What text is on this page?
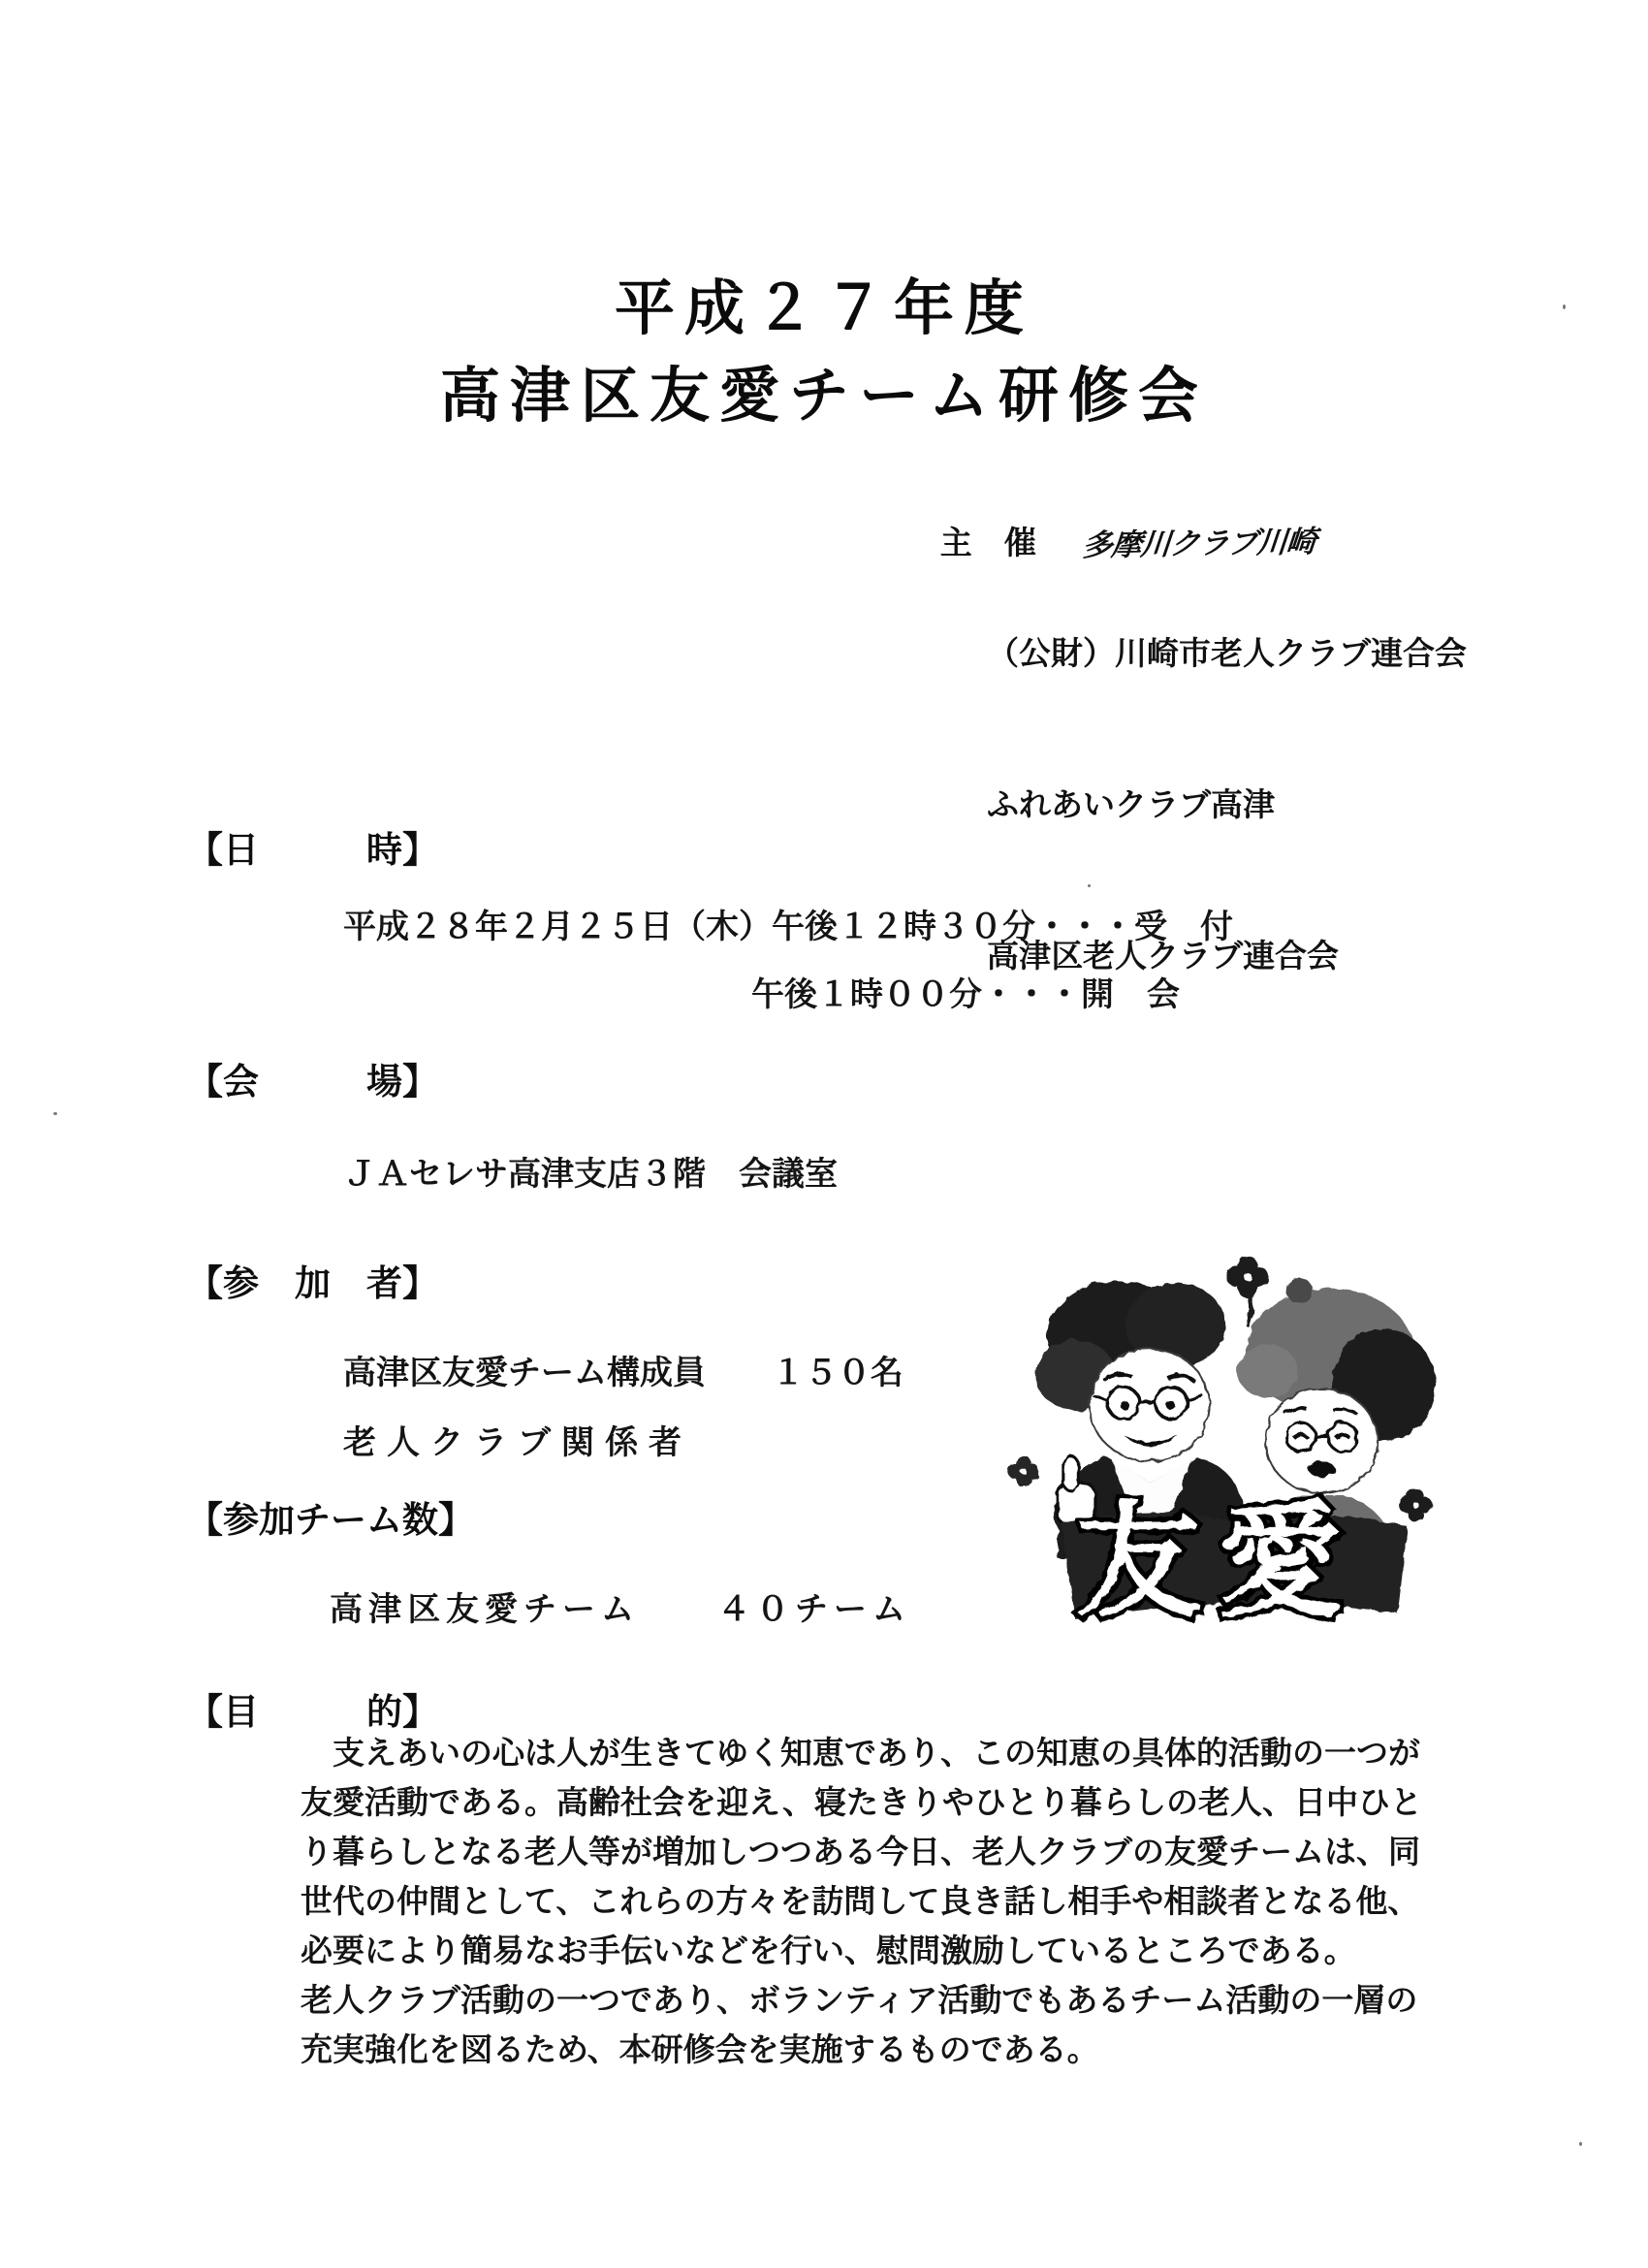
平成２７年度
高津区友愛チーム研修会

主　催 多摩川クラブ川崎

（公財）川崎市老人クラブ連合会

ふれあいクラブ高津

高津区老人クラブ連合会

【日　　　時】
平成２８年２月２５日（木）午後１２時３０分・・・受　付
午後１時００分・・・開　会
【会　　　場】
ＪＡセレサ高津支店３階　会議室
【参　加　者】
高津区友愛チーム構成員　　１５０名
老人クラブ関係者
【参加チーム数】
高津区友愛チーム　　４０チーム
【目　　　的】
　支えあいの心は人が生きてゆく知恵であり、この知恵の具体的活動の一つが
友愛活動である。高齢社会を迎え、寝たきりやひとり暮らしの老人、日中ひと
り暮らしとなる老人等が増加しつつある今日、老人クラブの友愛チームは、同
世代の仲間として、これらの方々を訪問して良き話し相手や相談者となる他、
必要により簡易なお手伝いなどを行い、慰問激励しているところである。
老人クラブ活動の一つであり、ボランティア活動でもあるチーム活動の一層の
充実強化を図るため、本研修会を実施するものである。
友愛
